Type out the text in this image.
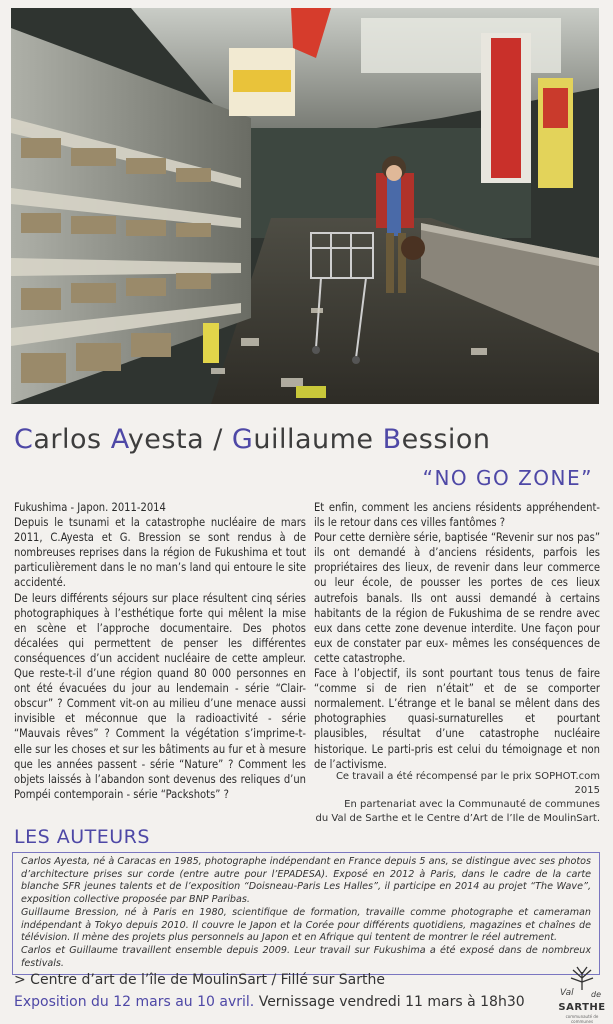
Carlos Ayesta / Guillaume Bession
“NO GO ZONE”

Fukushima - Japon. 2011-2014

Depuis le tsunami et la catastrophe nucléaire de mars 2011, C.Ayesta et G. Bression se sont rendus à de nombreuses reprises dans la région de Fukushima et tout particulièrement dans le no man’s land qui entoure le site accidenté.

De leurs différents séjours sur place résultent cinq séries photographiques à l’esthétique forte qui mêlent la mise en scène et l’approche documentaire. Des photos décalées qui permettent de penser les différentes conséquences d’un accident nucléaire de cette ampleur. Que reste-t-il d’une région quand 80 000 personnes en ont été évacuées du jour au lendemain - série “Clair-obscur” ? Comment vit-on au milieu d’une menace aussi invisible et méconnue que la radioactivité - série “Mauvais rêves” ? Comment la végétation s’imprime-t-elle sur les choses et sur les bâtiments au fur et à mesure que les années passent - série “Nature” ? Comment les objets laissés à l’abandon sont devenus des reliques d’un Pompéi contemporain - série “Packshots” ?

Et enfin, comment les anciens résidents appréhendent-ils le retour dans ces villes fantômes ?

Pour cette dernière série, baptisée “Revenir sur nos pas” ils ont demandé à d’anciens résidents, parfois les propriétaires des lieux, de revenir dans leur commerce ou leur école, de pousser les portes de ces lieux autrefois banals. Ils ont aussi demandé à certains habitants de la région de Fukushima de se rendre avec eux dans cette zone devenue interdite. Une façon pour eux de constater par eux- mêmes les conséquences de cette catastrophe.

Face à l’objectif, ils sont pourtant tous tenus de faire “comme si de rien n’était” et de se comporter normalement. L’étrange et le banal se mêlent dans des photographies quasi-surnaturelles et pourtant plausibles, résultat d’une catastrophe nucléaire historique. Le parti-pris est celui du témoignage et non de l’activisme.

Ce travail a été récompensé par le prix SOPHOT.com 2015
En partenariat avec la Communauté de communes
du Val de Sarthe et le Centre d’Art de l’Ile de MoulinSart.
LES AUTEURS

Carlos Ayesta, né à Caracas en 1985, photographe indépendant en France depuis 5 ans, se distingue avec ses photos d’architecture prises sur corde (entre autre pour l’EPADESA). Exposé en 2012 à Paris, dans le cadre de la carte blanche SFR jeunes talents et de l’exposition “Doisneau-Paris Les Halles”, il participe en 2014 au projet “The Wave”, exposition collective proposée par BNP Paribas.

Guillaume Bression, né à Paris en 1980, scientifique de formation, travaille comme photographe et cameraman indépendant à Tokyo depuis 2010. Il couvre le Japon et la Corée pour différents quotidiens, magazines et chaînes de télévision. Il mène des projets plus personnels au Japon et en Afrique qui tentent de montrer le réel autrement.

Carlos et Guillaume travaillent ensemble depuis 2009. Leur travail sur Fukushima a été exposé dans de nombreux festivals.

> Centre d’art de l’île de MoulinSart / Fillé sur Sarthe
Exposition du 12 mars au 10 avril. Vernissage vendredi 11 mars à 18h30
Val de
SARTHE
communauté de communes
